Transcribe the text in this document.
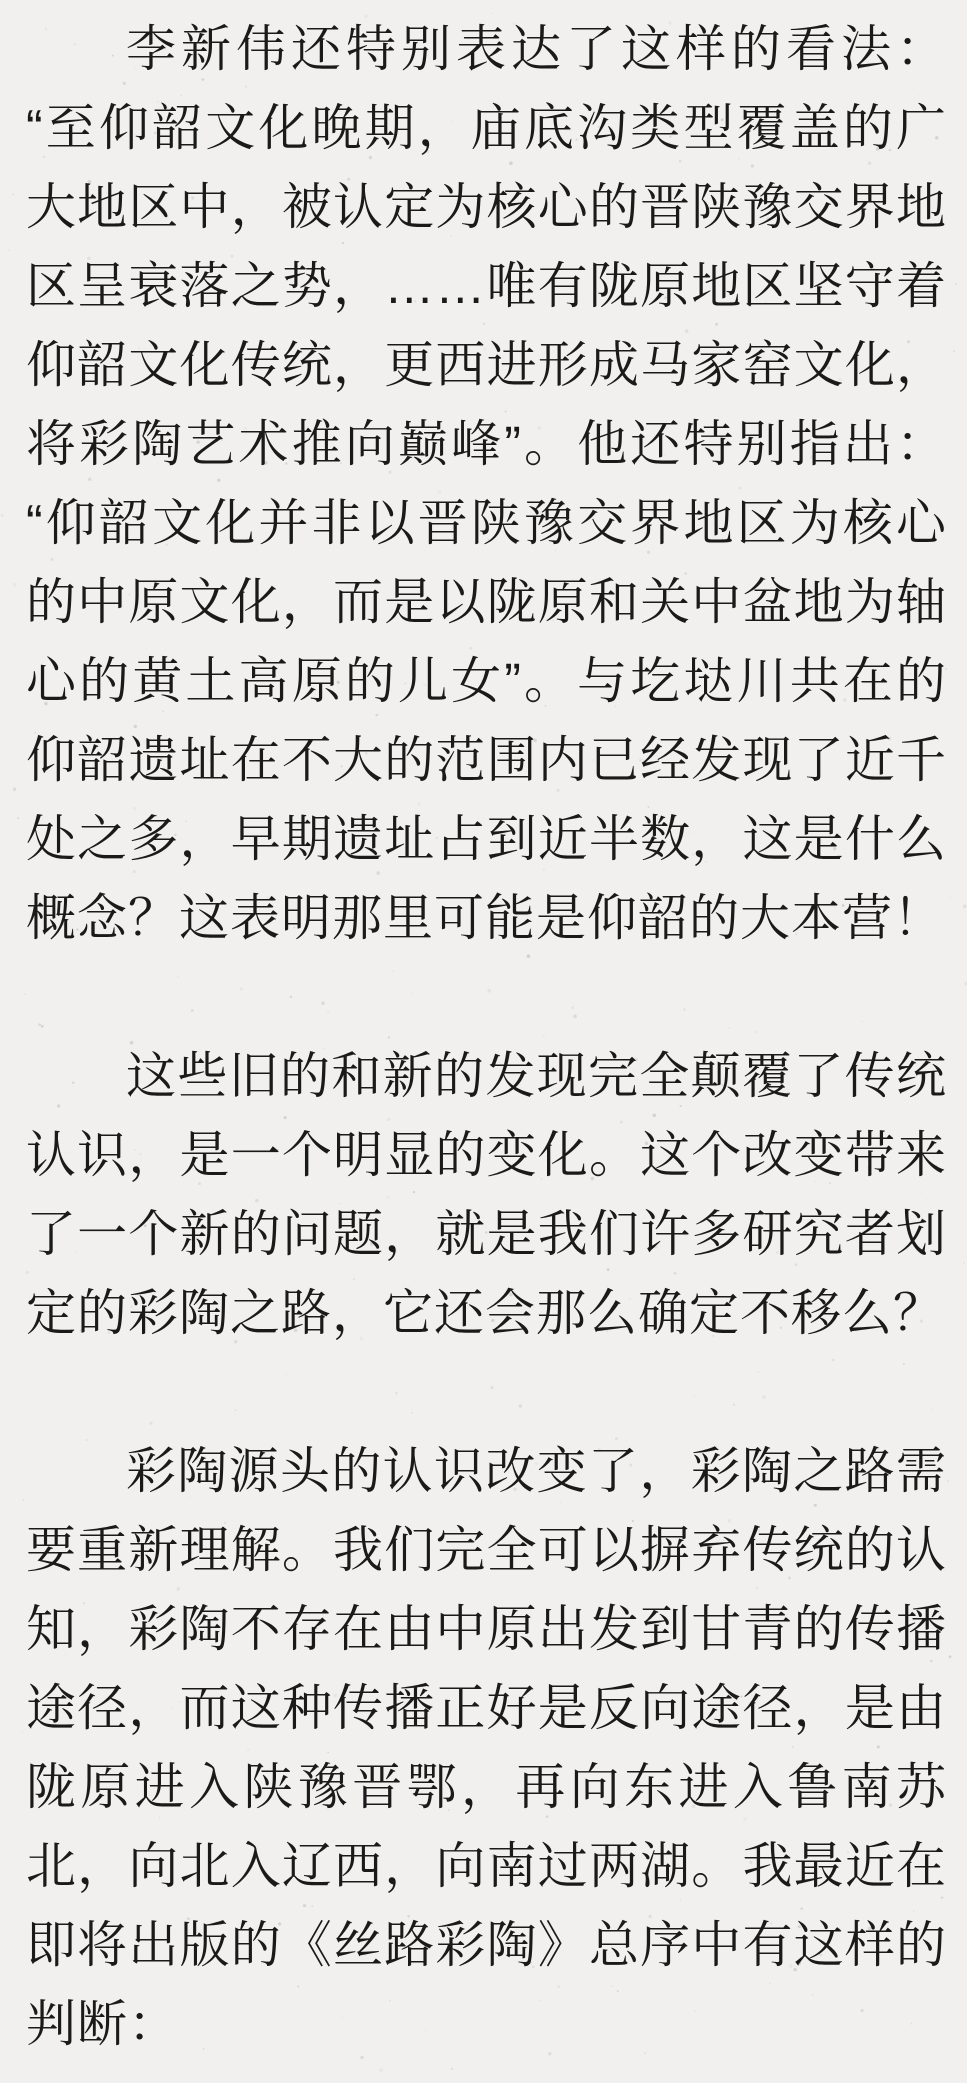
李新伟还特别表达了这样的看法：“至仰韶文化晚期，庙底沟类型覆盖的广大地区中，被认定为核心的晋陕豫交界地区呈衰落之势，……唯有陇原地区坚守着仰韶文化传统，更西进形成马家窑文化，将彩陶艺术推向巅峰”。他还特别指出：“仰韶文化并非以晋陕豫交界地区为核心的中原文化，而是以陇原和关中盆地为轴心的黄土高原的儿女”。与圪垯川共在的仰韶遗址在不大的范围内已经发现了近千处之多，早期遗址占到近半数，这是什么概念？这表明那里可能是仰韶的大本营！

这些旧的和新的发现完全颠覆了传统认识，是一个明显的变化。这个改变带来了一个新的问题，就是我们许多研究者划定的彩陶之路，它还会那么确定不移么？

彩陶源头的认识改变了，彩陶之路需要重新理解。我们完全可以摒弃传统的认知，彩陶不存在由中原出发到甘青的传播途径，而这种传播正好是反向途径，是由陇原进入陕豫晋鄂，再向东进入鲁南苏北，向北入辽西，向南过两湖。我最近在即将出版的《丝路彩陶》总序中有这样的判断：
